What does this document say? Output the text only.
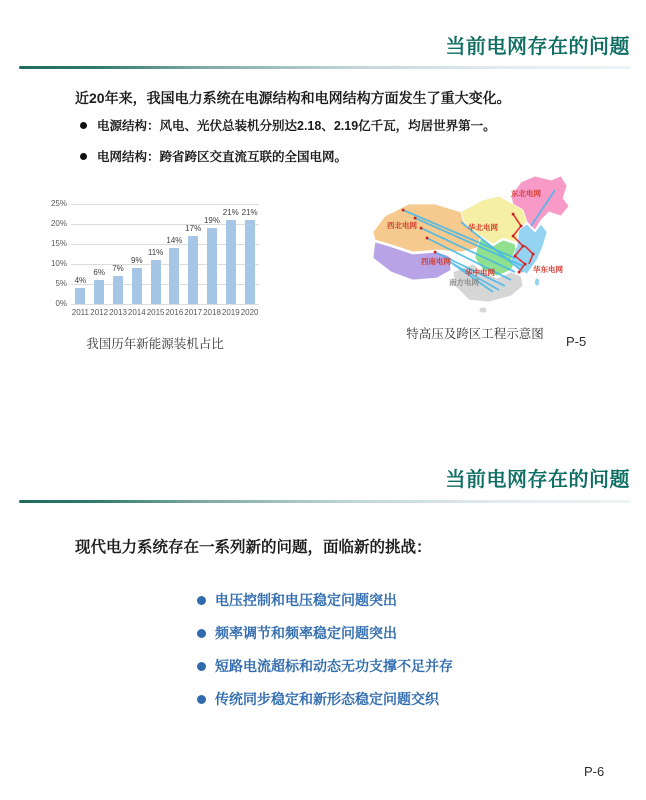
当前电网存在的问题

近20年来，我国电力系统在电源结构和电网结构方面发生了重大变化。

电源结构：风电、光伏总装机分别达2.18、2.19亿千瓦，均居世界第一。
电网结构：跨省跨区交直流互联的全国电网。
0%
5%
10%
15%
20%
25%
4%
2011
6%
2012
7%
2013
9%
2014
11%
2015
14%
2016
17%
2017
19%
2018
21%
2019
21%
2020
我国历年新能源装机占比
西北电网
东北电网
华北电网
西南电网
华中电网	华东电网
南方电网
特高压及跨区工程示意图	P-5
当前电网存在的问题

现代电力系统存在一系列新的问题，面临新的挑战：

电压控制和电压稳定问题突出
频率调节和频率稳定问题突出
短路电流超标和动态无功支撑不足并存
传统同步稳定和新形态稳定问题交织
P-6
